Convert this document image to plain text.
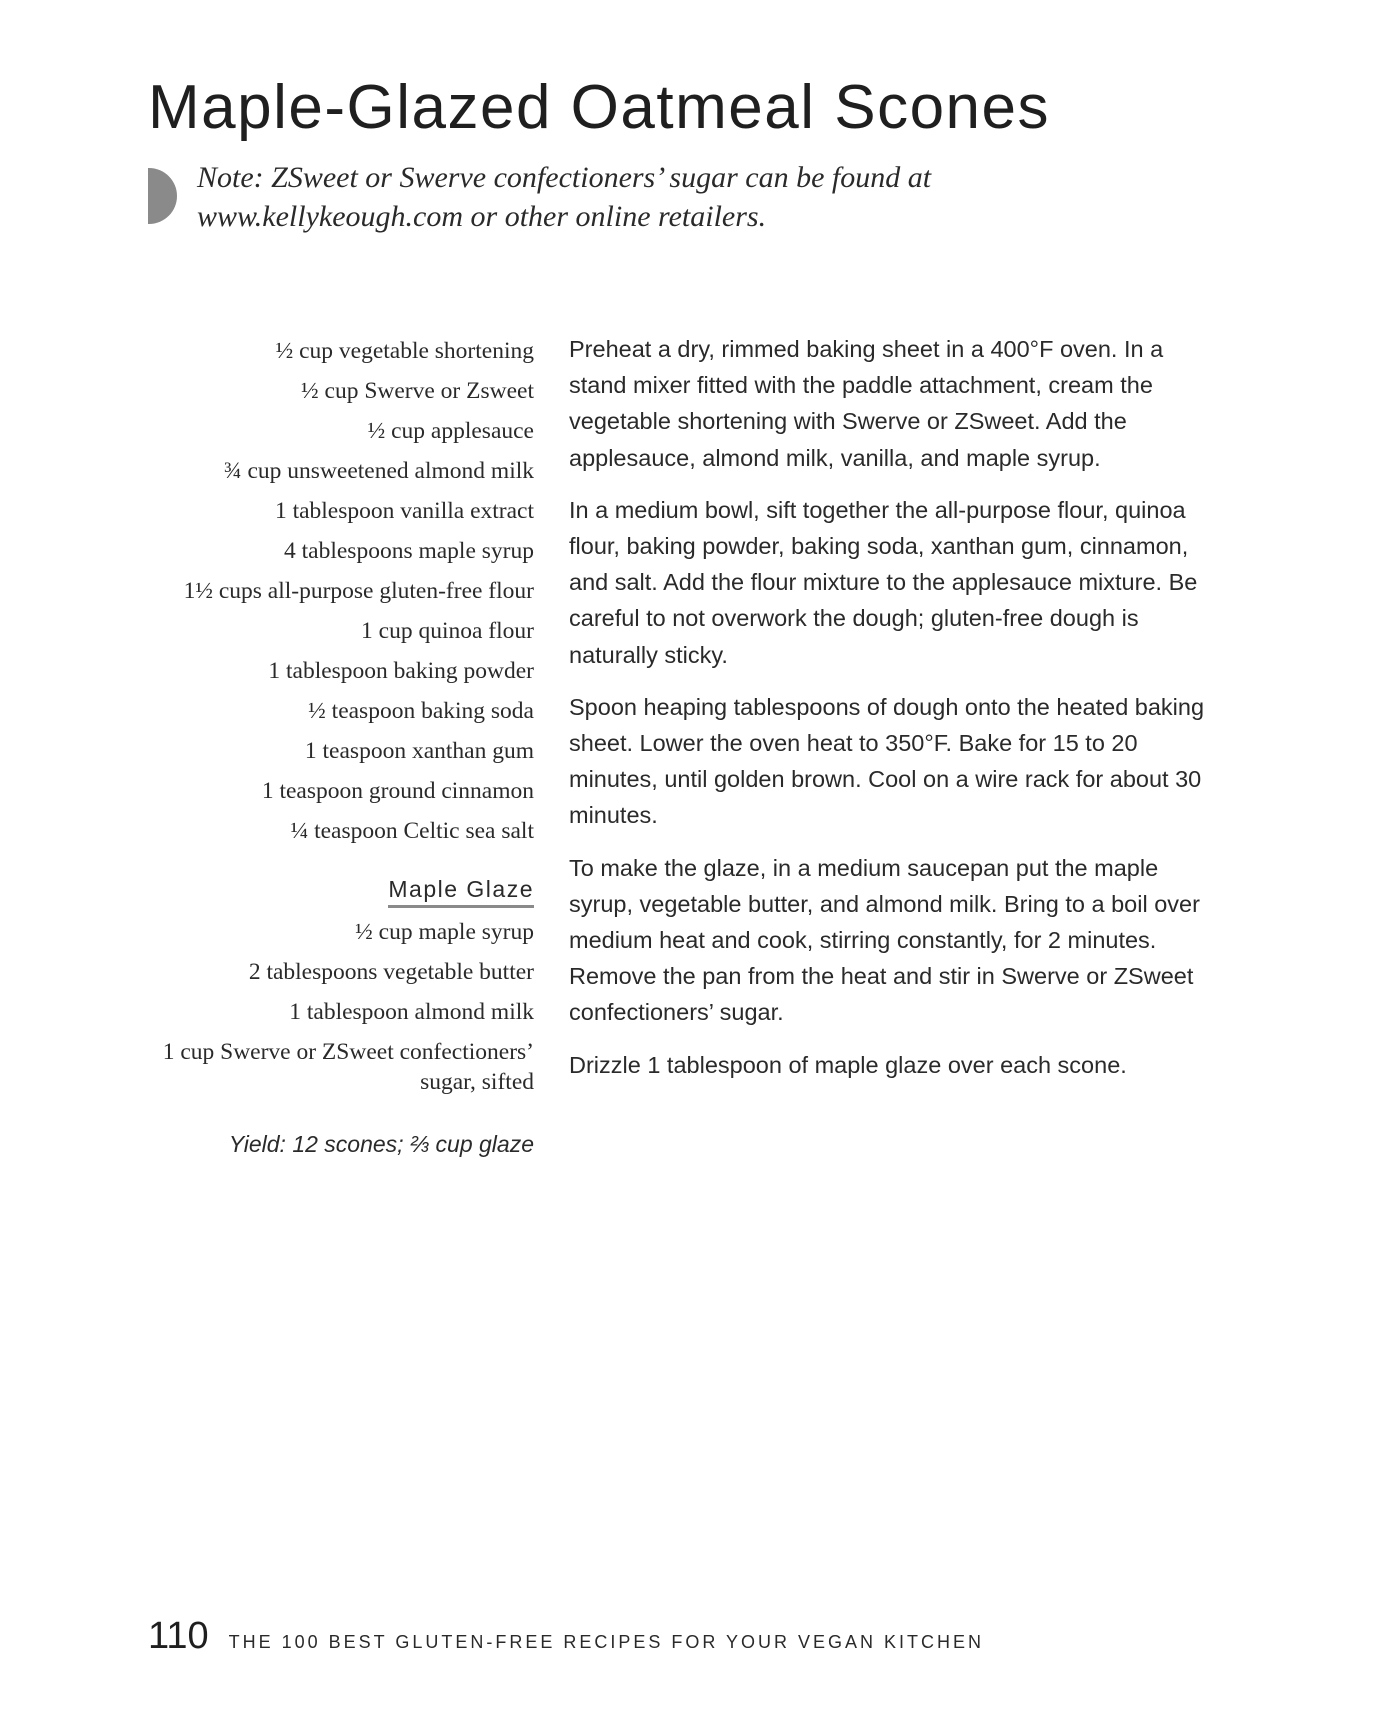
Maple-Glazed Oatmeal Scones

Note: ZSweet or Swerve confectioners’ sugar can be found at www.kellykeough.com or other online retailers.

½ cup vegetable shortening
½ cup Swerve or Zsweet
½ cup applesauce
¾ cup unsweetened almond milk
1 tablespoon vanilla extract
4 tablespoons maple syrup
1½ cups all-purpose gluten-free flour
1 cup quinoa flour
1 tablespoon baking powder
½ teaspoon baking soda
1 teaspoon xanthan gum
1 teaspoon ground cinnamon
¼ teaspoon Celtic sea salt
Maple Glaze
½ cup maple syrup
2 tablespoons vegetable butter
1 tablespoon almond milk
1 cup Swerve or ZSweet confectioners’ sugar, sifted
Yield: 12 scones; ⅔ cup glaze

Preheat a dry, rimmed baking sheet in a 400°F oven. In a stand mixer fitted with the paddle attachment, cream the vegetable shortening with Swerve or ZSweet. Add the applesauce, almond milk, vanilla, and maple syrup.

In a medium bowl, sift together the all-purpose flour, quinoa flour, baking powder, baking soda, xanthan gum, cinnamon, and salt. Add the flour mixture to the applesauce mixture. Be careful to not overwork the dough; gluten-free dough is naturally sticky.

Spoon heaping tablespoons of dough onto the heated baking sheet. Lower the oven heat to 350°F. Bake for 15 to 20 minutes, until golden brown. Cool on a wire rack for about 30 minutes.

To make the glaze, in a medium saucepan put the maple syrup, vegetable butter, and almond milk. Bring to a boil over medium heat and cook, stirring constantly, for 2 minutes. Remove the pan from the heat and stir in Swerve or ZSweet confectioners’ sugar.

Drizzle 1 tablespoon of maple glaze over each scone.

110 THE 100 BEST GLUTEN-FREE RECIPES FOR YOUR VEGAN KITCHEN
